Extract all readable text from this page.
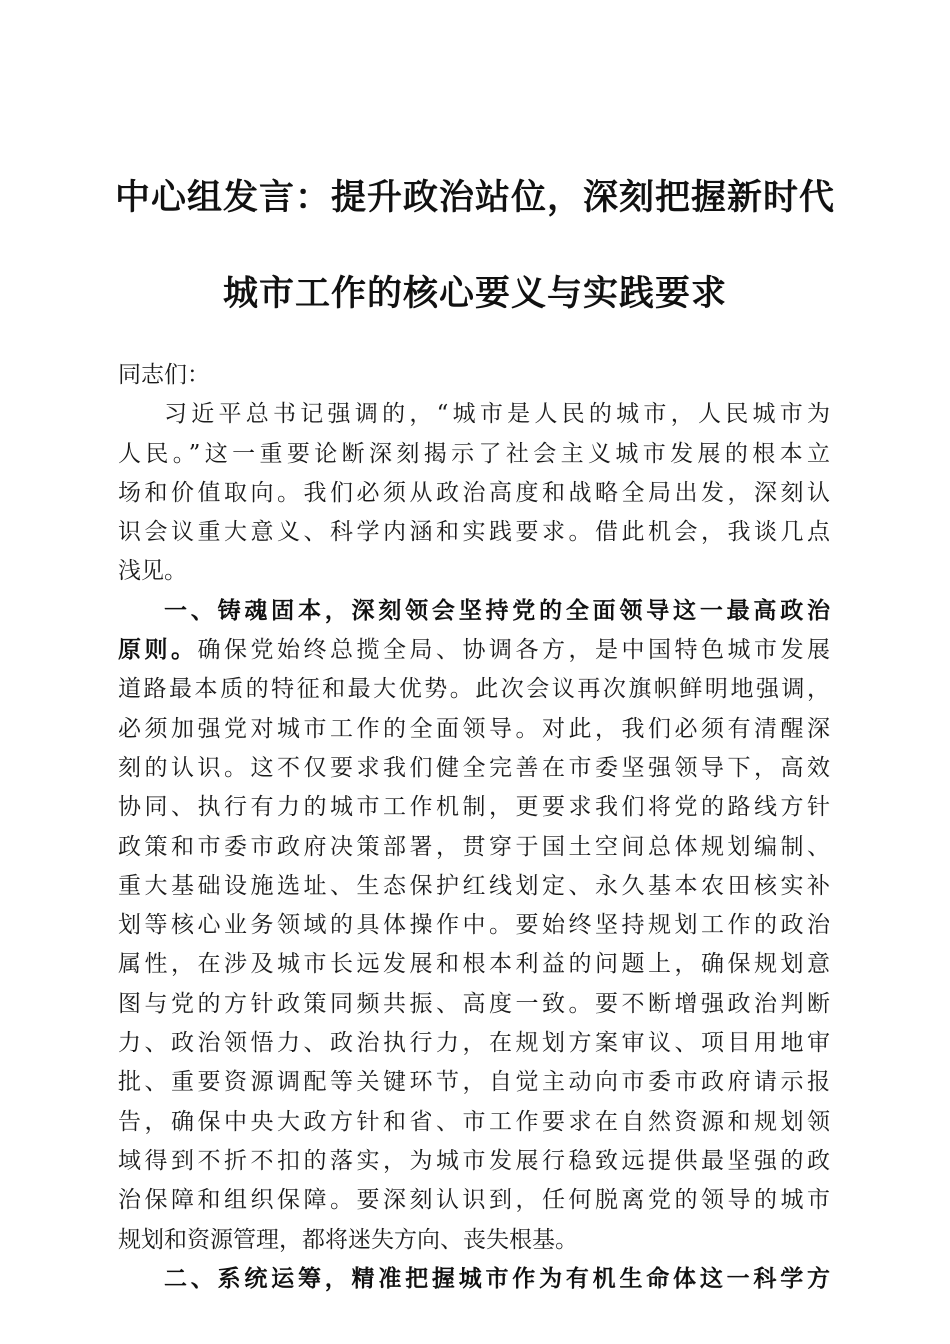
中心组发言：提升政治站位，深刻把握新时代
城市工作的核心要义与实践要求
同志们：
习近平总书记强调的，“城市是人民的城市，人民城市为
人民。”这一重要论断深刻揭示了社会主义城市发展的根本立
场和价值取向。我们必须从政治高度和战略全局出发，深刻认
识会议重大意义、科学内涵和实践要求。借此机会，我谈几点
浅见。
一、铸魂固本，深刻领会坚持党的全面领导这一最高政治
原则。确保党始终总揽全局、协调各方，是中国特色城市发展
道路最本质的特征和最大优势。此次会议再次旗帜鲜明地强调，
必须加强党对城市工作的全面领导。对此，我们必须有清醒深
刻的认识。这不仅要求我们健全完善在市委坚强领导下，高效
协同、执行有力的城市工作机制，更要求我们将党的路线方针
政策和市委市政府决策部署，贯穿于国土空间总体规划编制、
重大基础设施选址、生态保护红线划定、永久基本农田核实补
划等核心业务领域的具体操作中。要始终坚持规划工作的政治
属性，在涉及城市长远发展和根本利益的问题上，确保规划意
图与党的方针政策同频共振、高度一致。要不断增强政治判断
力、政治领悟力、政治执行力，在规划方案审议、项目用地审
批、重要资源调配等关键环节，自觉主动向市委市政府请示报
告，确保中央大政方针和省、市工作要求在自然资源和规划领
域得到不折不扣的落实，为城市发展行稳致远提供最坚强的政
治保障和组织保障。要深刻认识到，任何脱离党的领导的城市
规划和资源管理，都将迷失方向、丧失根基。
二、系统运筹，精准把握城市作为有机生命体这一科学方
